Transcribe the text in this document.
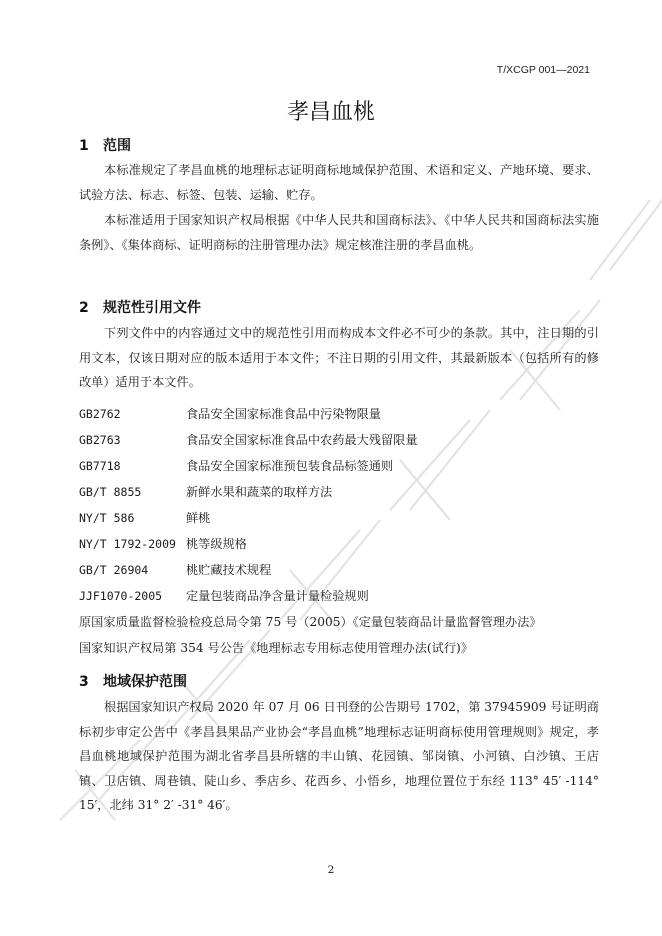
T/XCGP 001—2021
孝昌血桃
1 范围

本标准规定了孝昌血桃的地理标志证明商标地域保护范围、术语和定义、产地环境、要求、试验方法、标志、标签、包装、运输、贮存。

本标准适用于国家知识产权局根据《中华人民共和国商标法》、《中华人民共和国商标法实施条例》、《集体商标、证明商标的注册管理办法》规定核准注册的孝昌血桃。

2 规范性引用文件

下列文件中的内容通过文中的规范性引用而构成本文件必不可少的条款。其中，注日期的引用文本，仅该日期对应的版本适用于本文件；不注日期的引用文件，其最新版本（包括所有的修改单）适用于本文件。

GB2762	食品安全国家标准食品中污染物限量
GB2763	食品安全国家标准食品中农药最大残留限量
GB7718	食品安全国家标准预包装食品标签通则
GB/T 8855	新鲜水果和蔬菜的取样方法
NY/T 586	鲜桃
NY/T 1792-2009 桃等级规格
GB/T 26904	桃贮藏技术规程
JJF1070-2005 定量包装商品净含量计量检验规则
原国家质量监督检验检疫总局令第 75 号（2005）《定量包装商品计量监督管理办法》
国家知识产权局第 354 号公告《地理标志专用标志使用管理办法(试行)》
3 地域保护范围

根据国家知识产权局 2020 年 07 月 06 日刊登的公告期号 1702，第 37945909 号证明商标初步审定公告中《孝昌县果品产业协会“孝昌血桃”地理标志证明商标使用管理规则》规定，孝昌血桃地域保护范围为湖北省孝昌县所辖的丰山镇、花园镇、邹岗镇、小河镇、白沙镇、王店镇、卫店镇、周巷镇、陡山乡、季店乡、花西乡、小悟乡，地理位置位于东经 113° 45′ -114° 15′，北纬 31° 2′ -31° 46′。

2
